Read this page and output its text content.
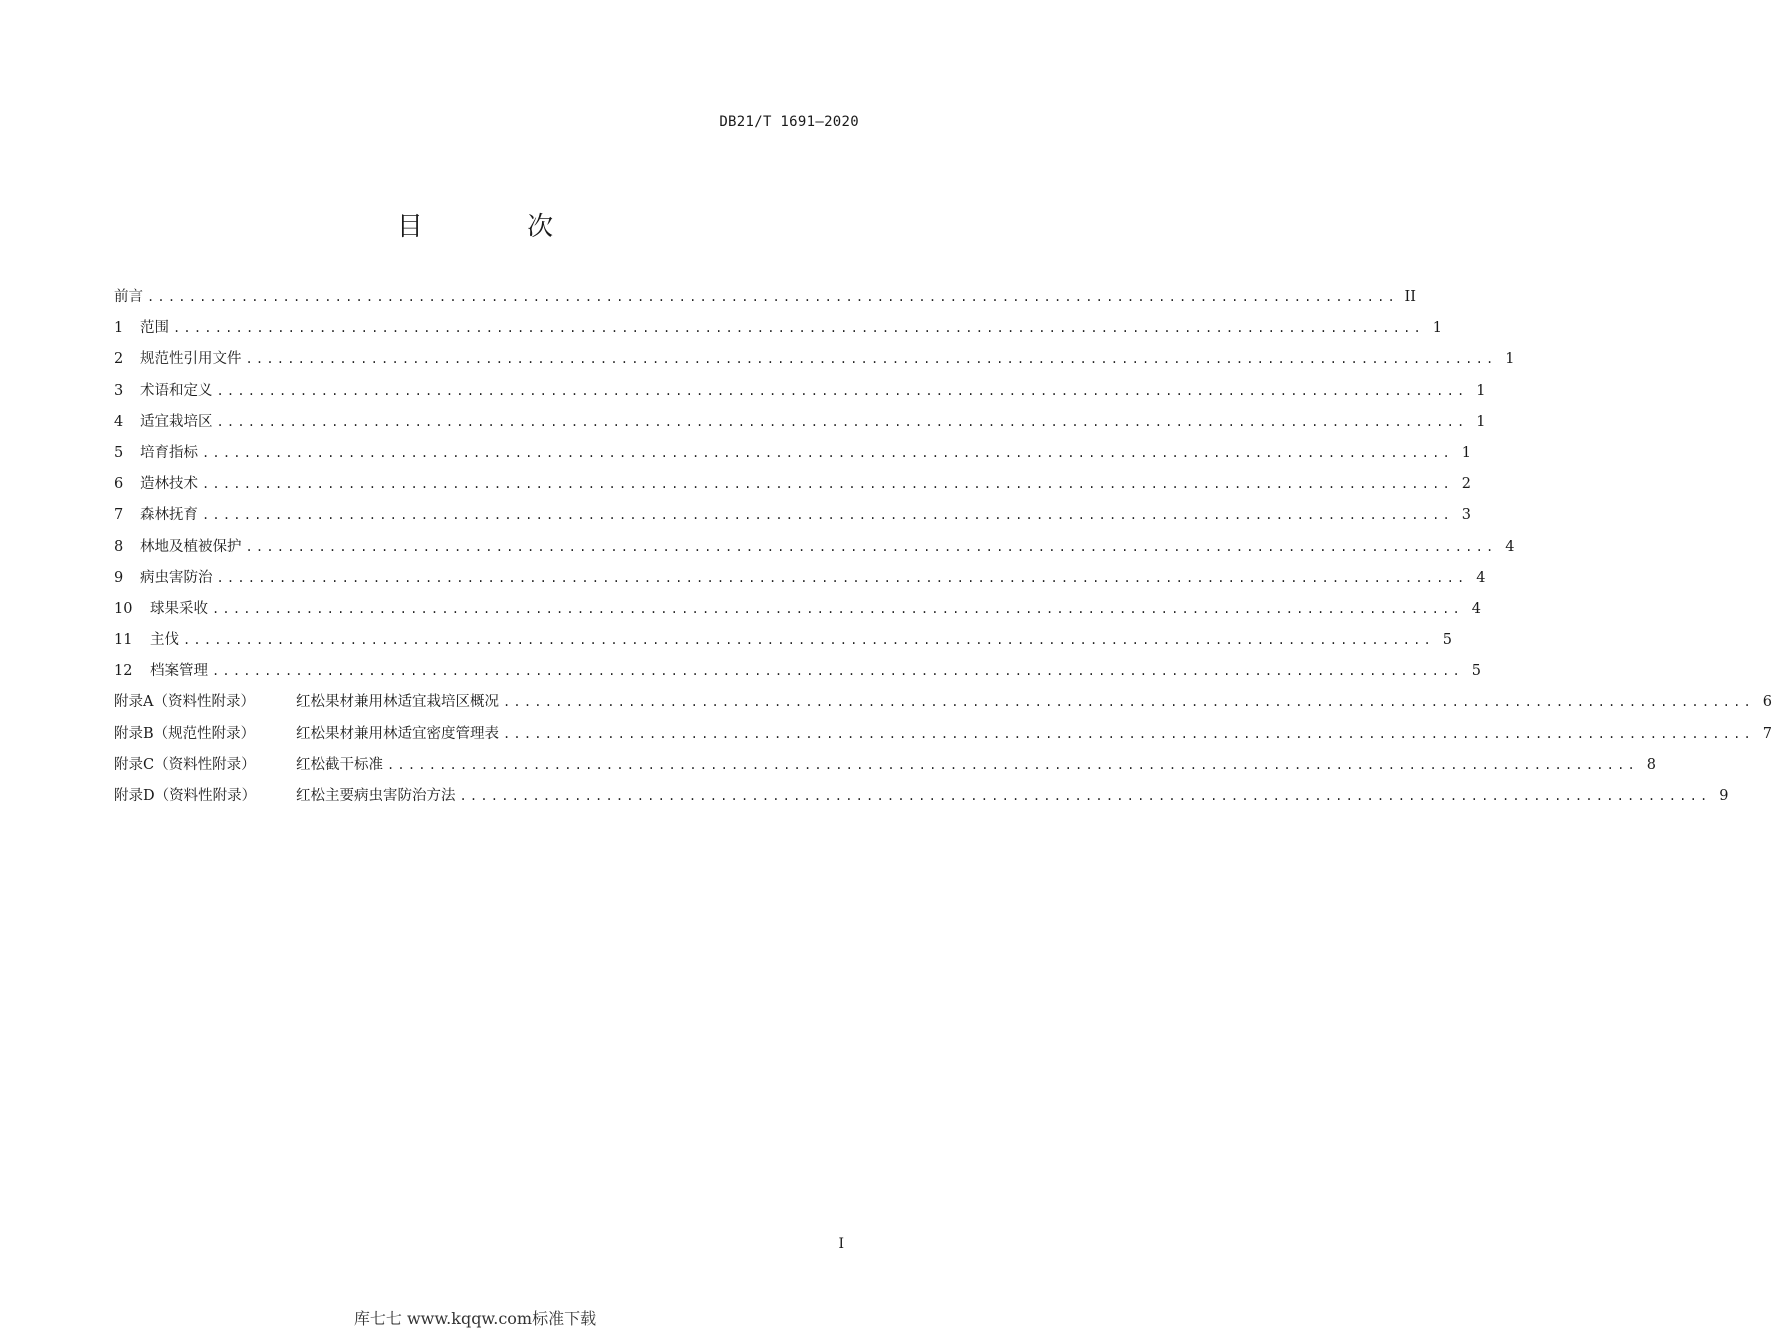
DB21/T 1691—2020
目 次
前言 ........................................................................................................................ II
1	范围 ........................................................................................................................ 1
2	规范性引用文件 ........................................................................................................................ 1
3	术语和定义 ........................................................................................................................ 1
4	适宜栽培区 ........................................................................................................................ 1
5	培育指标 ........................................................................................................................ 1
6	造林技术 ........................................................................................................................ 2
7	森林抚育 ........................................................................................................................ 3
8	林地及植被保护 ........................................................................................................................ 4
9	病虫害防治 ........................................................................................................................ 4
10	球果采收 ........................................................................................................................ 4
11	主伐 ........................................................................................................................ 5
12	档案管理 ........................................................................................................................ 5
附录A（资料性附录）	红松果材兼用林适宜栽培区概况 ........................................................................................................................ 6
附录B（规范性附录）	红松果材兼用林适宜密度管理表 ........................................................................................................................ 7
附录C（资料性附录）	红松截干标准 ........................................................................................................................ 8
附录D（资料性附录）	红松主要病虫害防治方法 ........................................................................................................................ 9
I
库七七 www.kqqw.com标准下载
